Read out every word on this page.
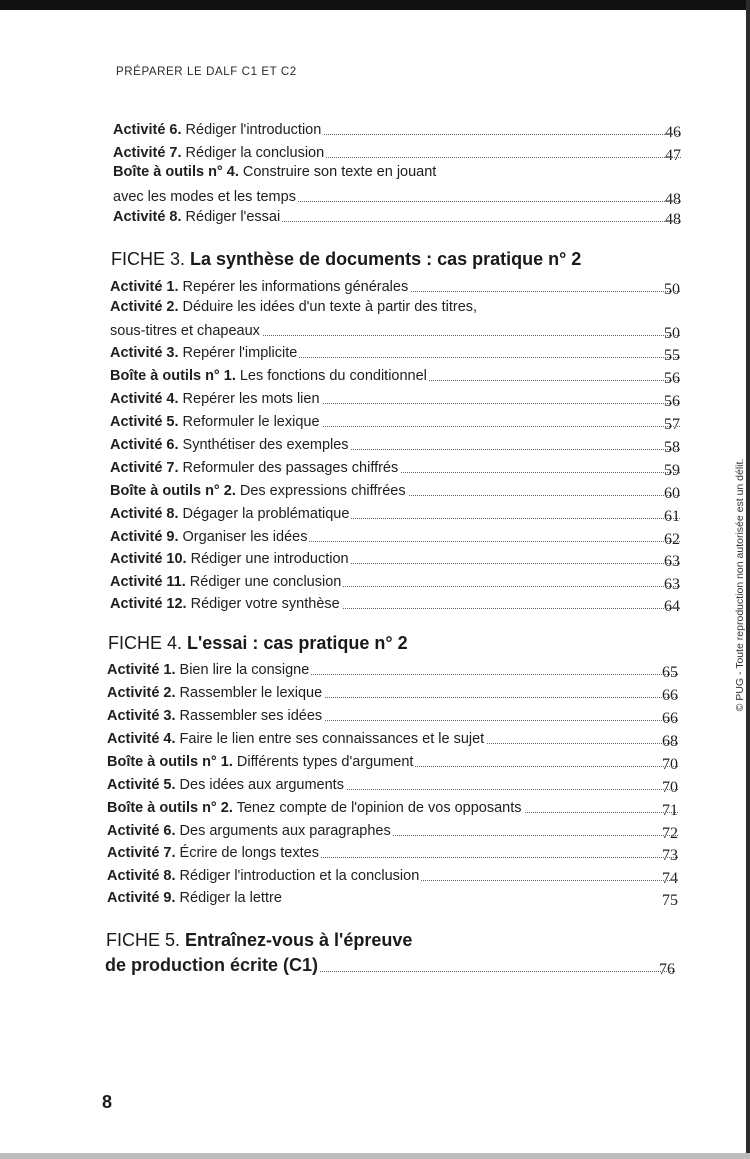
PRÉPARER LE DALF C1 ET C2
Activité 6. Rédiger l'introduction	46
Activité 7. Rédiger la conclusion	47
Boîte à outils n° 4. Construire son texte en jouant
avec les modes et les temps	48
Activité 8. Rédiger l'essai	48
FICHE 3. La synthèse de documents : cas pratique n° 2
Activité 1. Repérer les informations générales	50
Activité 2. Déduire les idées d'un texte à partir des titres,
sous-titres et chapeaux	50
Activité 3. Repérer l'implicite	55
Boîte à outils n° 1. Les fonctions du conditionnel	56
Activité 4. Repérer les mots lien	56
Activité 5. Reformuler le lexique	57
Activité 6. Synthétiser des exemples	58
Activité 7. Reformuler des passages chiffrés	59
Boîte à outils n° 2. Des expressions chiffrées	60
Activité 8. Dégager la problématique	61
Activité 9. Organiser les idées	62
Activité 10. Rédiger une introduction	63
Activité 11. Rédiger une conclusion	63
Activité 12. Rédiger votre synthèse	64
FICHE 4. L'essai : cas pratique n° 2
Activité 1. Bien lire la consigne	65
Activité 2. Rassembler le lexique	66
Activité 3. Rassembler ses idées	66
Activité 4. Faire le lien entre ses connaissances et le sujet	68
Boîte à outils n° 1. Différents types d'argument	70
Activité 5. Des idées aux arguments	70
Boîte à outils n° 2. Tenez compte de l'opinion de vos opposants	71
Activité 6. Des arguments aux paragraphes	72
Activité 7. Écrire de longs textes	73
Activité 8. Rédiger l'introduction et la conclusion	74
Activité 9. Rédiger la lettre	75
FICHE 5. Entraînez-vous à l'épreuve
de production écrite (C1)	76
© PUG - Toute reproduction non autorisée est un délit.
8
